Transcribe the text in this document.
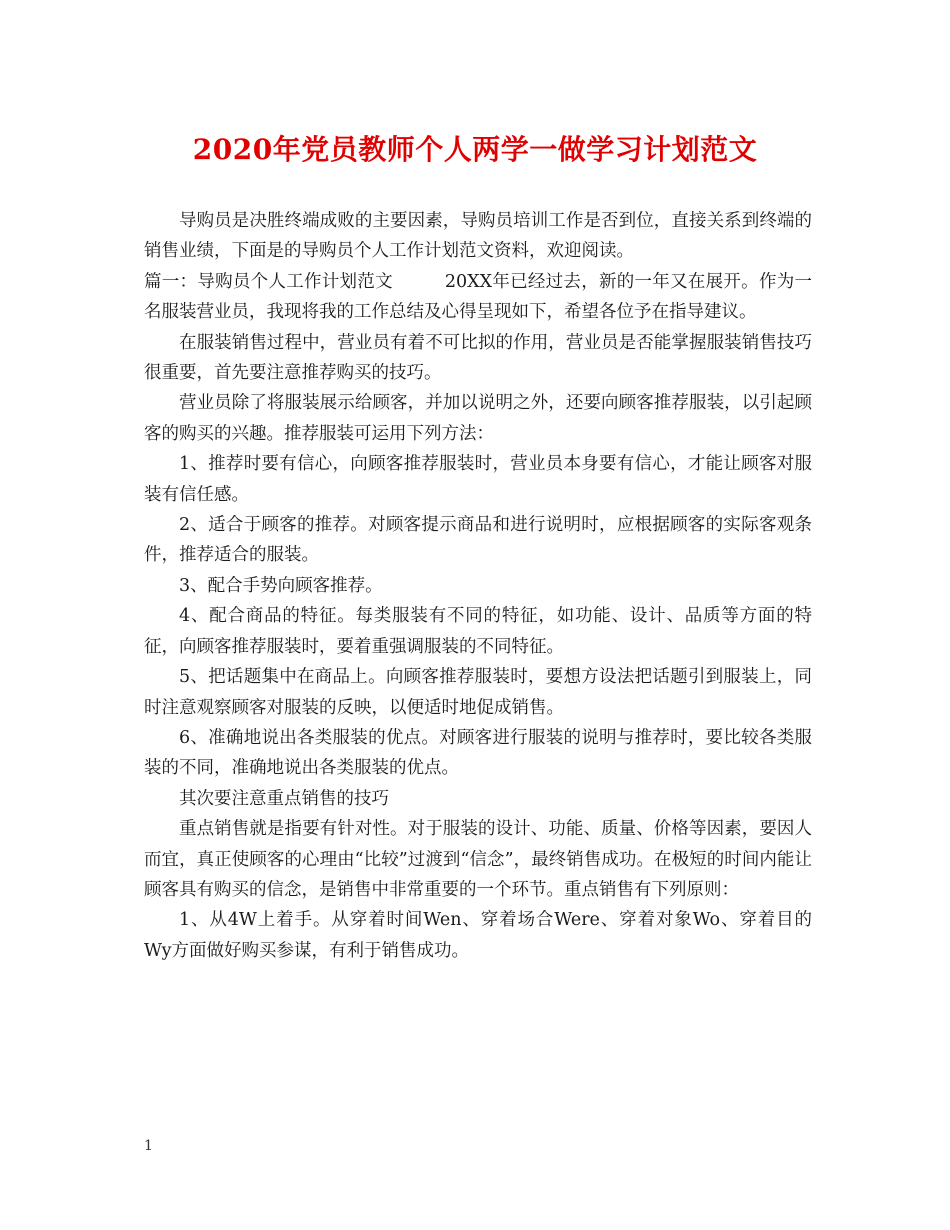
2020年党员教师个人两学一做学习计划范文

导购员是决胜终端成败的主要因素，导购员培训工作是否到位，直接关系到终端的销售业绩，下面是的导购员个人工作计划范文资料，欢迎阅读。

篇一：导购员个人工作计划范文	20XX年已经过去，新的一年又在展开。作为一名服装营业员，我现将我的工作总结及心得呈现如下，希望各位予在指导建议。

在服装销售过程中，营业员有着不可比拟的作用，营业员是否能掌握服装销售技巧很重要，首先要注意推荐购买的技巧。

营业员除了将服装展示给顾客，并加以说明之外，还要向顾客推荐服装，以引起顾客的购买的兴趣。推荐服装可运用下列方法：

1、推荐时要有信心，向顾客推荐服装时，营业员本身要有信心，才能让顾客对服装有信任感。

2、适合于顾客的推荐。对顾客提示商品和进行说明时，应根据顾客的实际客观条件，推荐适合的服装。

3、配合手势向顾客推荐。

4、配合商品的特征。每类服装有不同的特征，如功能、设计、品质等方面的特征，向顾客推荐服装时，要着重强调服装的不同特征。

5、把话题集中在商品上。向顾客推荐服装时，要想方设法把话题引到服装上，同时注意观察顾客对服装的反映，以便适时地促成销售。

6、准确地说出各类服装的优点。对顾客进行服装的说明与推荐时，要比较各类服装的不同，准确地说出各类服装的优点。

其次要注意重点销售的技巧

重点销售就是指要有针对性。对于服装的设计、功能、质量、价格等因素，要因人而宜，真正使顾客的心理由“比较”过渡到“信念”，最终销售成功。在极短的时间内能让顾客具有购买的信念，是销售中非常重要的一个环节。重点销售有下列原则：

1、从4W上着手。从穿着时间Wen、穿着场合Were、穿着对象Wo、穿着目的Wy方面做好购买参谋，有利于销售成功。

1
